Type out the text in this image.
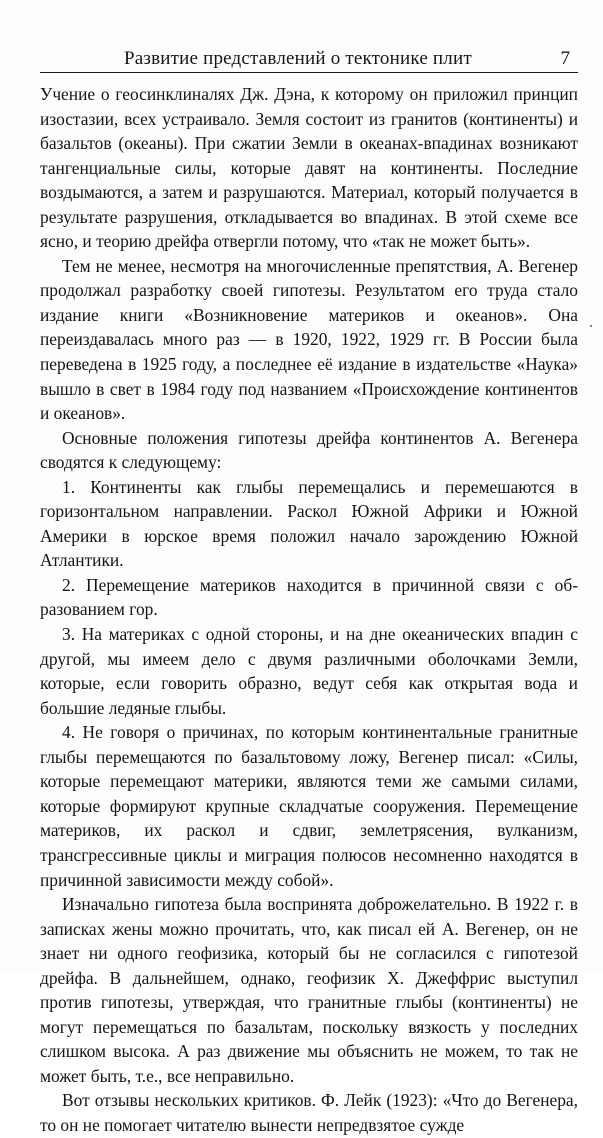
Развитие представлений о тектонике плит	7

Учение о геосинклиналях Дж. Дэна, к которому он приложил принцип изостазии, всех устраивало. Земля состоит из гранитов (континенты) и базальтов (океаны). При сжатии Земли в океанах-впадинах возникают тангенциальные силы, которые давят на континенты. Последние воздымаются, а затем и разрушаются. Материал, который получается в результате разрушения, откладывается во впадинах. В этой схеме все ясно, и теорию дрейфа отвергли потому, что «так не может быть».

Тем не менее, несмотря на многочисленные препятствия, А. Вегенер продолжал разработку своей гипотезы. Результатом его труда стало издание книги «Возникновение материков и океанов». Она переиздавалась много раз — в 1920, 1922, 1929 гг. В России была переведена в 1925 году, а последнее её издание в издательстве «Наука» вышло в свет в 1984 году под названием «Происхождение континентов и океанов».

Основные положения гипотезы дрейфа континентов А. Вегенера сводятся к следующему:

1. Континенты как глыбы перемещались и перемешаются в горизонтальном направлении. Раскол Южной Африки и Южной Америки в юрское время положил начало зарождению Южной Атлантики.

2. Перемещение материков находится в причинной связи с образованием гор.

3. На материках с одной стороны, и на дне океанических впадин с другой, мы имеем дело с двумя различными оболочками Земли, которые, если говорить образно, ведут себя как открытая вода и большие ледяные глыбы.

4. Не говоря о причинах, по которым континентальные гранитные глыбы перемещаются по базальтовому ложу, Вегенер писал: «Силы, которые перемещают материки, являются теми же самыми силами, которые формируют крупные складчатые сооружения. Перемещение материков, их раскол и сдвиг, землетрясения, вулканизм, трансгрессивные циклы и миграция полюсов несомненно находятся в причинной зависимости между собой».

Изначально гипотеза была воспринята доброжелательно. В 1922 г. в записках жены можно прочитать, что, как писал ей А. Вегенер, он не знает ни одного геофизика, который бы не согласился с гипотезой дрейфа. В дальнейшем, однако, геофизик Х. Джеффрис выступил против гипотезы, утверждая, что гранитные глыбы (континенты) не могут перемещаться по базальтам, поскольку вязкость у последних слишком высока. А раз движение мы объяснить не можем, то так не может быть, т.е., все неправильно.

Вот отзывы нескольких критиков. Ф. Лейк (1923): «Что до Вегенера, то он не помогает читателю вынести непредвзятое сужде
